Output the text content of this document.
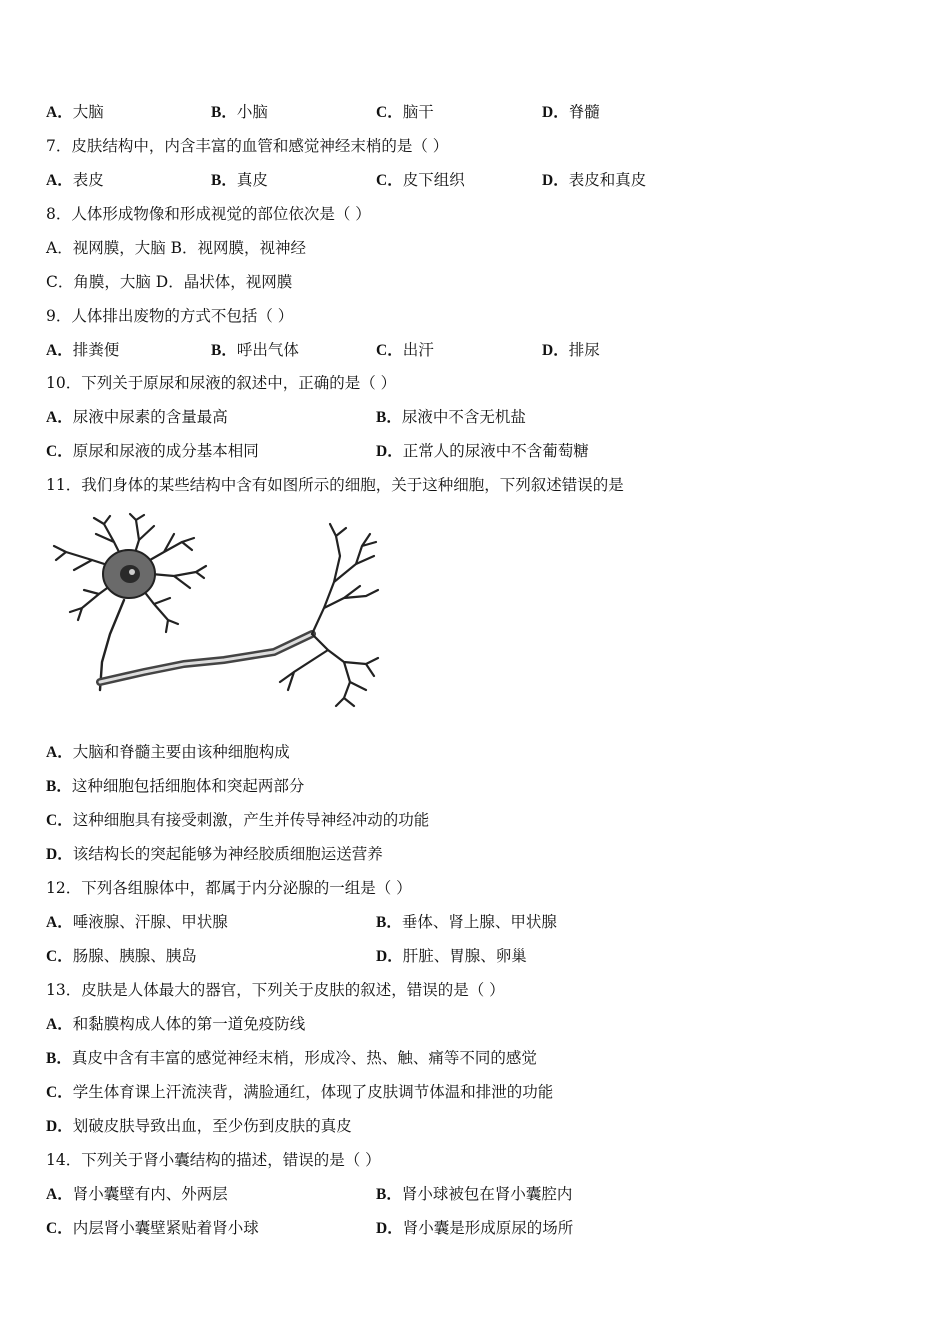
A．大脑	B．小脑	C．脑干	D．脊髓
7．皮肤结构中，内含丰富的血管和感觉神经末梢的是（ ）
A．表皮	B．真皮	C．皮下组织	D．表皮和真皮
8．人体形成物像和形成视觉的部位依次是（ ）
A．视网膜，大脑 B．视网膜，视神经
C．角膜，大脑 D．晶状体，视网膜
9．人体排出废物的方式不包括（ ）
A．排粪便	B．呼出气体	C．出汗	D．排尿
10．下列关于原尿和尿液的叙述中，正确的是（ ）
A．尿液中尿素的含量最高	B．尿液中不含无机盐
C．原尿和尿液的成分基本相同	D．正常人的尿液中不含葡萄糖
11．我们身体的某些结构中含有如图所示的细胞，关于这种细胞，下列叙述错误的是
A．大脑和脊髓主要由该种细胞构成
B．这种细胞包括细胞体和突起两部分
C．这种细胞具有接受刺激，产生并传导神经冲动的功能
D．该结构长的突起能够为神经胶质细胞运送营养
12．下列各组腺体中，都属于内分泌腺的一组是（ ）
A．唾液腺、汗腺、甲状腺	B．垂体、肾上腺、甲状腺
C．肠腺、胰腺、胰岛	D．肝脏、胃腺、卵巢
13．皮肤是人体最大的器官，下列关于皮肤的叙述，错误的是（ ）
A．和黏膜构成人体的第一道免疫防线
B．真皮中含有丰富的感觉神经末梢，形成冷、热、触、痛等不同的感觉
C．学生体育课上汗流浃背，满脸通红，体现了皮肤调节体温和排泄的功能
D．划破皮肤导致出血，至少伤到皮肤的真皮
14．下列关于肾小囊结构的描述，错误的是（ ）
A．肾小囊壁有内、外两层	B．肾小球被包在肾小囊腔内
C．内层肾小囊壁紧贴着肾小球	D．肾小囊是形成原尿的场所
